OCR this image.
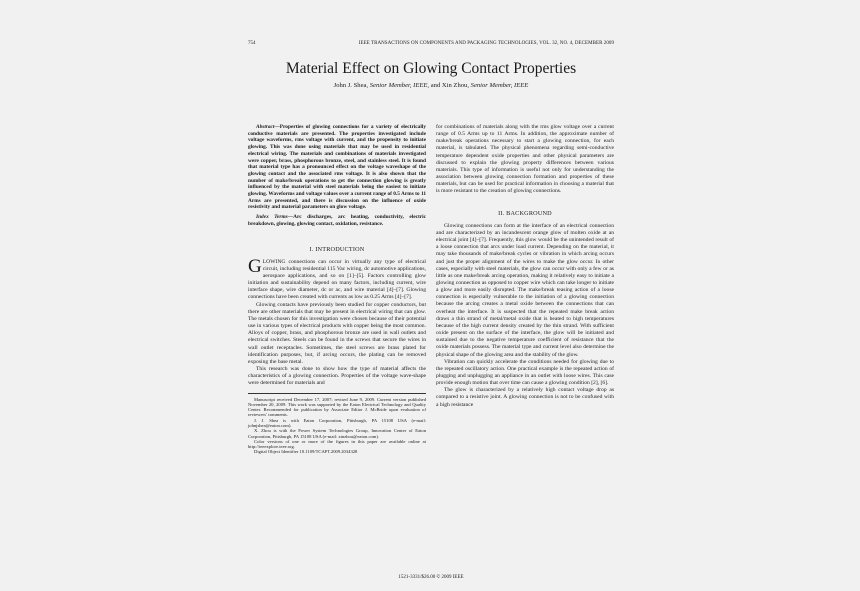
754	IEEE TRANSACTIONS ON COMPONENTS AND PACKAGING TECHNOLOGIES, VOL. 32, NO. 4, DECEMBER 2009
Material Effect on Glowing Contact Properties
John J. Shea, Senior Member, IEEE, and Xin Zhou, Senior Member, IEEE

Abstract—Properties of glowing connections for a variety of electrically conductive materials are presented. The properties investigated include voltage waveforms, rms voltage with current, and the propensity to initiate glowing. This was done using materials that may be used in residential electrical wiring. The materials and combinations of materials investigated were copper, brass, phosphorous bronze, steel, and stainless steel. It is found that material type has a pronounced effect on the voltage waveshape of the glowing contact and the associated rms voltage. It is also shown that the number of make/break operations to get the connection glowing is greatly influenced by the material with steel materials being the easiest to initiate glowing. Waveforms and voltage values over a current range of 0.5 Arms to 11 Arms are presented, and there is discussion on the influence of oxide resistivity and material parameters on glow voltage.

Index Terms—Arc discharges, arc heating, conductivity, electric breakdown, glowing, glowing contact, oxidation, resistance.

I. INTRODUCTION

GLOWING connections can occur in virtually any type of electrical circuit, including residential 115 Vac wiring, dc automotive applications, aerospace applications, and so on [1]–[5]. Factors controlling glow initiation and sustainability depend on many factors, including current, wire interface shape, wire diameter, dc or ac, and wire material [4]–[7]. Glowing connections have been created with currents as low as 0.25 Arms [4]–[7].

Glowing contacts have previously been studied for copper conductors, but there are other materials that may be present in electrical wiring that can glow. The metals chosen for this investigation were chosen because of their potential use in various types of electrical products with copper being the most common. Alloys of copper, brass, and phosphorous bronze are used in wall outlets and electrical switches. Steels can be found in the screws that secure the wires in wall outlet receptacles. Sometimes, the steel screws are brass plated for identification purposes, but, if arcing occurs, the plating can be removed exposing the base metal.

This research was done to show how the type of material affects the characteristics of a glowing connection. Properties of the voltage wave-shape were determined for materials and

Manuscript received December 17, 2007; revised June 9, 2009. Current version published November 20, 2009. This work was supported by the Eaton Electrical Technology and Quality Center. Recommended for publication by Associate Editor J. McBride upon evaluation of reviewers' comments.
J. J. Shea is with Eaton Corporation, Pittsburgh, PA 15108 USA (e-mail: johnjshea@eaton.com).
X. Zhou is with the Power System Technologies Group, Innovation Center of Eaton Corporation, Pittsburgh, PA 15108 USA (e-mail: xinzhou@eaton.com).
Color versions of one or more of the figures in this paper are available online at http://ieeexplore.ieee.org.
Digital Object Identifier 10.1109/TCAPT.2009.2034328

for combinations of materials along with the rms glow voltage over a current range of 0.5 Arms up to 11 Arms. In addition, the approximate number of make/break operations necessary to start a glowing connection, for each material, is tabulated. The physical phenomena regarding semi-conductive temperature dependent oxide properties and other physical parameters are discussed to explain the glowing property differences between various materials. This type of information is useful not only for understanding the association between glowing connection formation and properties of these materials, but can be used for practical information in choosing a material that is more resistant to the creation of glowing connections.

II. BACKGROUND

Glowing connections can form at the interface of an electrical connection and are characterized by an incandescent orange glow of molten oxide at an electrical joint [4]–[7]. Frequently, this glow would be the unintended result of a loose connection that arcs under load current. Depending on the material, it may take thousands of make/break cycles or vibration in which arcing occurs and just the proper alignment of the wires to make the glow occur. In other cases, especially with steel materials, the glow can occur with only a few or as little as one make/break arcing operation, making it relatively easy to initiate a glowing connection as opposed to copper wire which can take longer to initiate a glow and more easily disrupted. The make/break teasing action of a loose connection is especially vulnerable to the initiation of a glowing connection because the arcing creates a metal oxide between the connections that can overheat the interface. It is suspected that the repeated make break action draws a thin strand of metal/metal oxide that is heated to high temperatures because of the high current density created by the thin strand. With sufficient oxide present on the surface of the interface, the glow will be initiated and sustained due to the negative temperature coefficient of resistance that the oxide materials possess. The material type and current level also determine the physical shape of the glowing area and the stability of the glow.

Vibration can quickly accelerate the conditions needed for glowing due to the repeated oscillatory action. One practical example is the repeated action of plugging and unplugging an appliance in an outlet with loose wires. This case provide enough motion that over time can cause a glowing condition [2], [6].

The glow is characterized by a relatively high contact voltage drop as compared to a resistive joint. A glowing connection is not to be confused with a high resistance

1521-3331/$26.00 © 2009 IEEE
